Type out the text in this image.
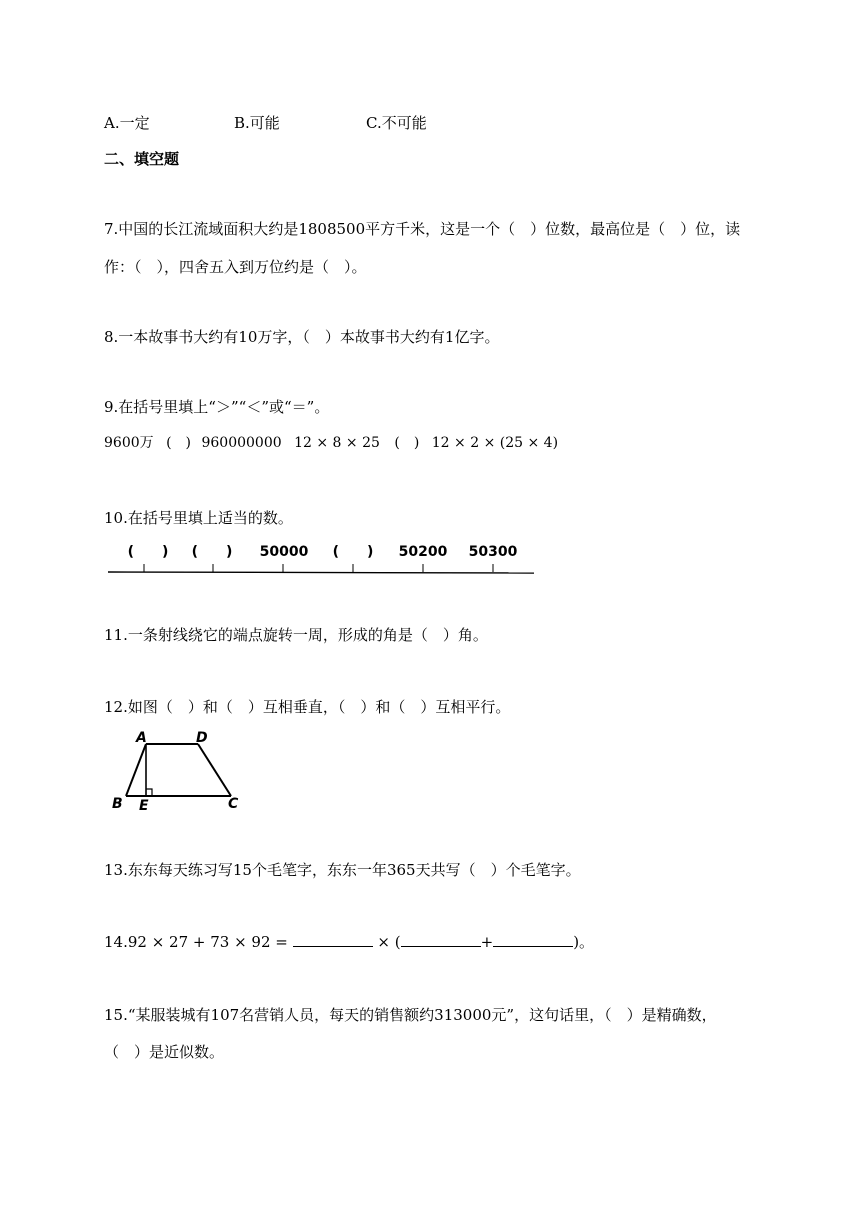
A.一定	B.可能	C.不可能
二、填空题
7.中国的长江流域面积大约是1808500平方千米，这是一个（　）位数，最高位是（　）位，读
作：（　），四舍五入到万位约是（　）。
8.一本故事书大约有10万字，（　）本故事书大约有1亿字。
9.在括号里填上“＞”“＜”或“＝”。
9600万 (　) 960000000 12 × 8 × 25 (　) 12 × 2 × (25 × 4)
10.在括号里填上适当的数。
(　　) (　　) 50000 (　　) 50200 50300
11.一条射线绕它的端点旋转一周，形成的角是（　）角。
12.如图（　）和（　）互相垂直，（　）和（　）互相平行。
A	D
B E	C
13.东东每天练习写15个毛笔字，东东一年365天共写（　）个毛笔字。
14.92 × 27 + 73 × 92 =	× (	+	)。
15.“某服装城有107名营销人员，每天的销售额约313000元”，这句话里，（　）是精确数，
（　）是近似数。
